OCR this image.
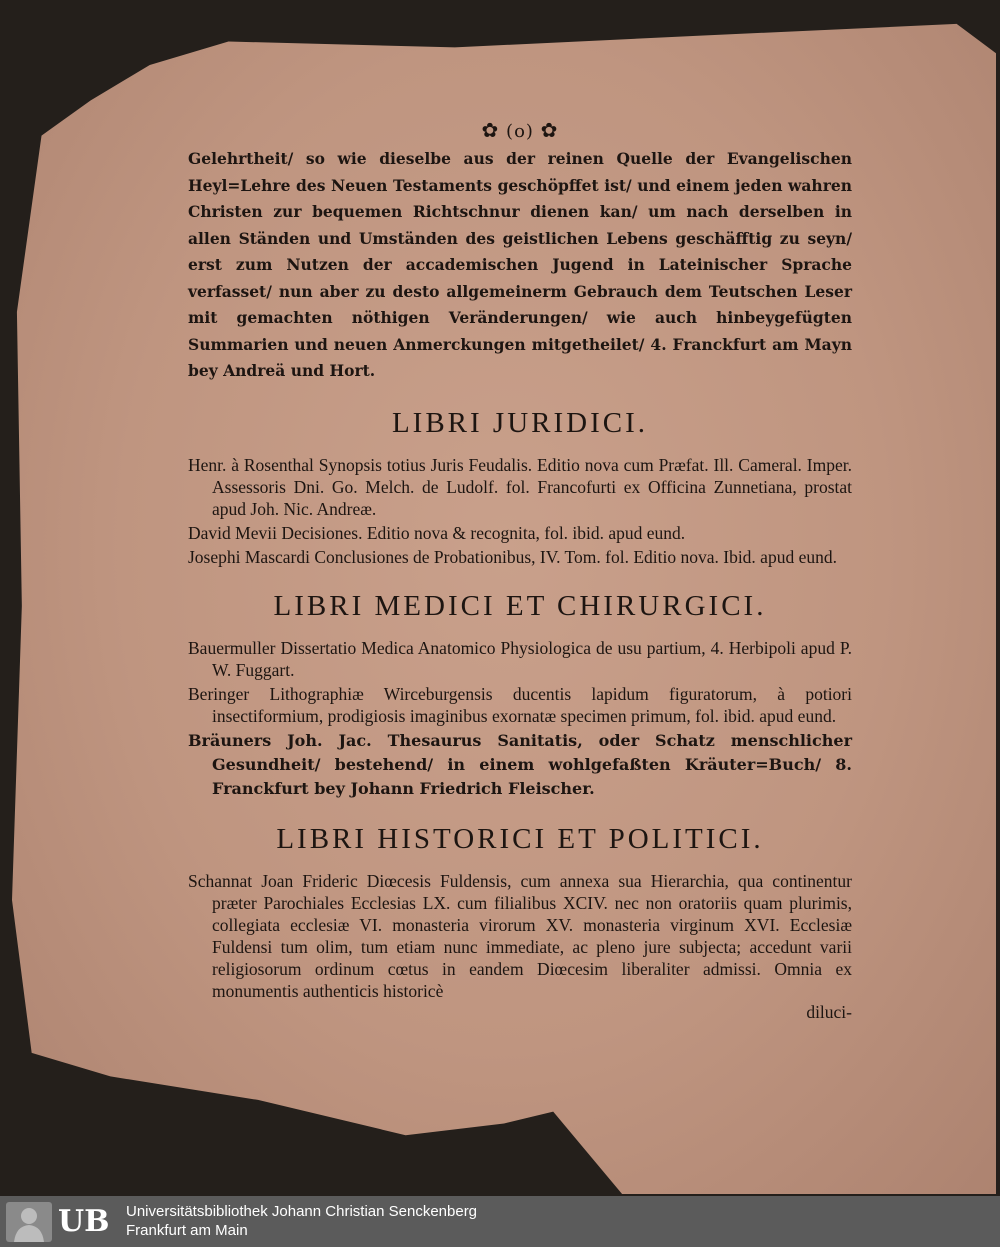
✿ (o) ✿

Gelehrtheit/ so wie dieselbe aus der reinen Quelle der Evangelischen Heyl=Lehre des Neuen Testaments geschöpffet ist/ und einem jeden wahren Christen zur bequemen Richtschnur dienen kan/ um nach derselben in allen Ständen und Umständen des geistlichen Lebens geschäfftig zu seyn/ erst zum Nutzen der accademischen Jugend in Lateinischer Sprache verfasset/ nun aber zu desto allgemeinerm Gebrauch dem Teutschen Leser mit gemachten nöthigen Veränderungen/ wie auch hinbeygefügten Summarien und neuen Anmerckungen mitgetheilet/ 4. Franckfurt am Mayn bey Andreä und Hort.

LIBRI JURIDICI.
Henr. à Rosenthal Synopsis totius Juris Feudalis. Editio nova cum Præfat. Ill. Cameral. Imper. Assessoris Dni. Go. Melch. de Ludolf. fol. Francofurti ex Officina Zunnetiana, prostat apud Joh. Nic. Andreæ.
David Mevii Decisiones. Editio nova & recognita, fol. ibid. apud eund.
Josephi Mascardi Conclusiones de Probationibus, IV. Tom. fol. Editio nova. Ibid. apud eund.
LIBRI MEDICI ET CHIRURGICI.
Bauermuller Dissertatio Medica Anatomico Physiologica de usu partium, 4. Herbipoli apud P. W. Fuggart.
Beringer Lithographiæ Wirceburgensis ducentis lapidum figuratorum, à potiori insectiformium, prodigiosis imaginibus exornatæ specimen primum, fol. ibid. apud eund.
Bräuners Joh. Jac. Thesaurus Sanitatis, oder Schatz menschlicher Gesundheit/ bestehend/ in einem wohlgefaßten Kräuter=Buch/ 8. Franckfurt bey Johann Friedrich Fleischer.
LIBRI HISTORICI ET POLITICI.
Schannat Joan Frideric Diœcesis Fuldensis, cum annexa sua Hierarchia, qua continentur præter Parochiales Ecclesias LX. cum filialibus XCIV. nec non oratoriis quam plurimis, collegiata ecclesiæ VI. monasteria virorum XV. monasteria virginum XVI. Ecclesiæ Fuldensi tum olim, tum etiam nunc immediate, ac pleno jure subjecta; accedunt varii religiosorum ordinum cœtus in eandem Diœcesim liberaliter admissi. Omnia ex monumentis authenticis historicè
diluci-
UB Universitätsbibliothek Johann Christian Senckenberg
Frankfurt am Main
